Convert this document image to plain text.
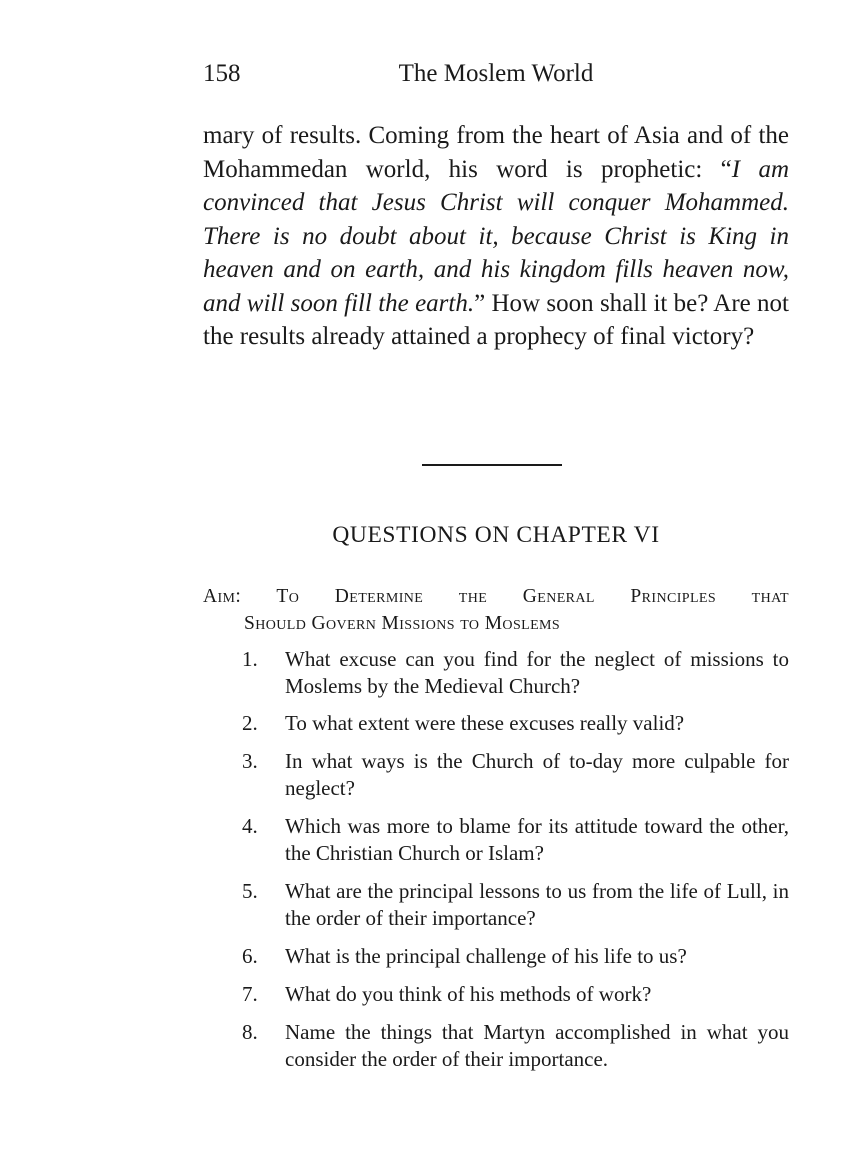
158	The Moslem World

mary of results. Coming from the heart of Asia and of the Mohammedan world, his word is prophetic: “I am convinced that Jesus Christ will conquer Mohammed. There is no doubt about it, because Christ is King in heaven and on earth, and his kingdom fills heaven now, and will soon fill the earth.” How soon shall it be? Are not the results already attained a prophecy of final victory?

QUESTIONS ON CHAPTER VI
Aim: To Determine the General Principles that
Should Govern Missions to Moslems
1. What excuse can you find for the neglect of missions to Moslems by the Medieval Church?
2. To what extent were these excuses really valid?
3. In what ways is the Church of to-day more culpable for neglect?
4. Which was more to blame for its attitude toward the other, the Christian Church or Islam?
5. What are the principal lessons to us from the life of Lull, in the order of their importance?
6. What is the principal challenge of his life to us?
7. What do you think of his methods of work?
8. Name the things that Martyn accomplished in what you consider the order of their importance.
